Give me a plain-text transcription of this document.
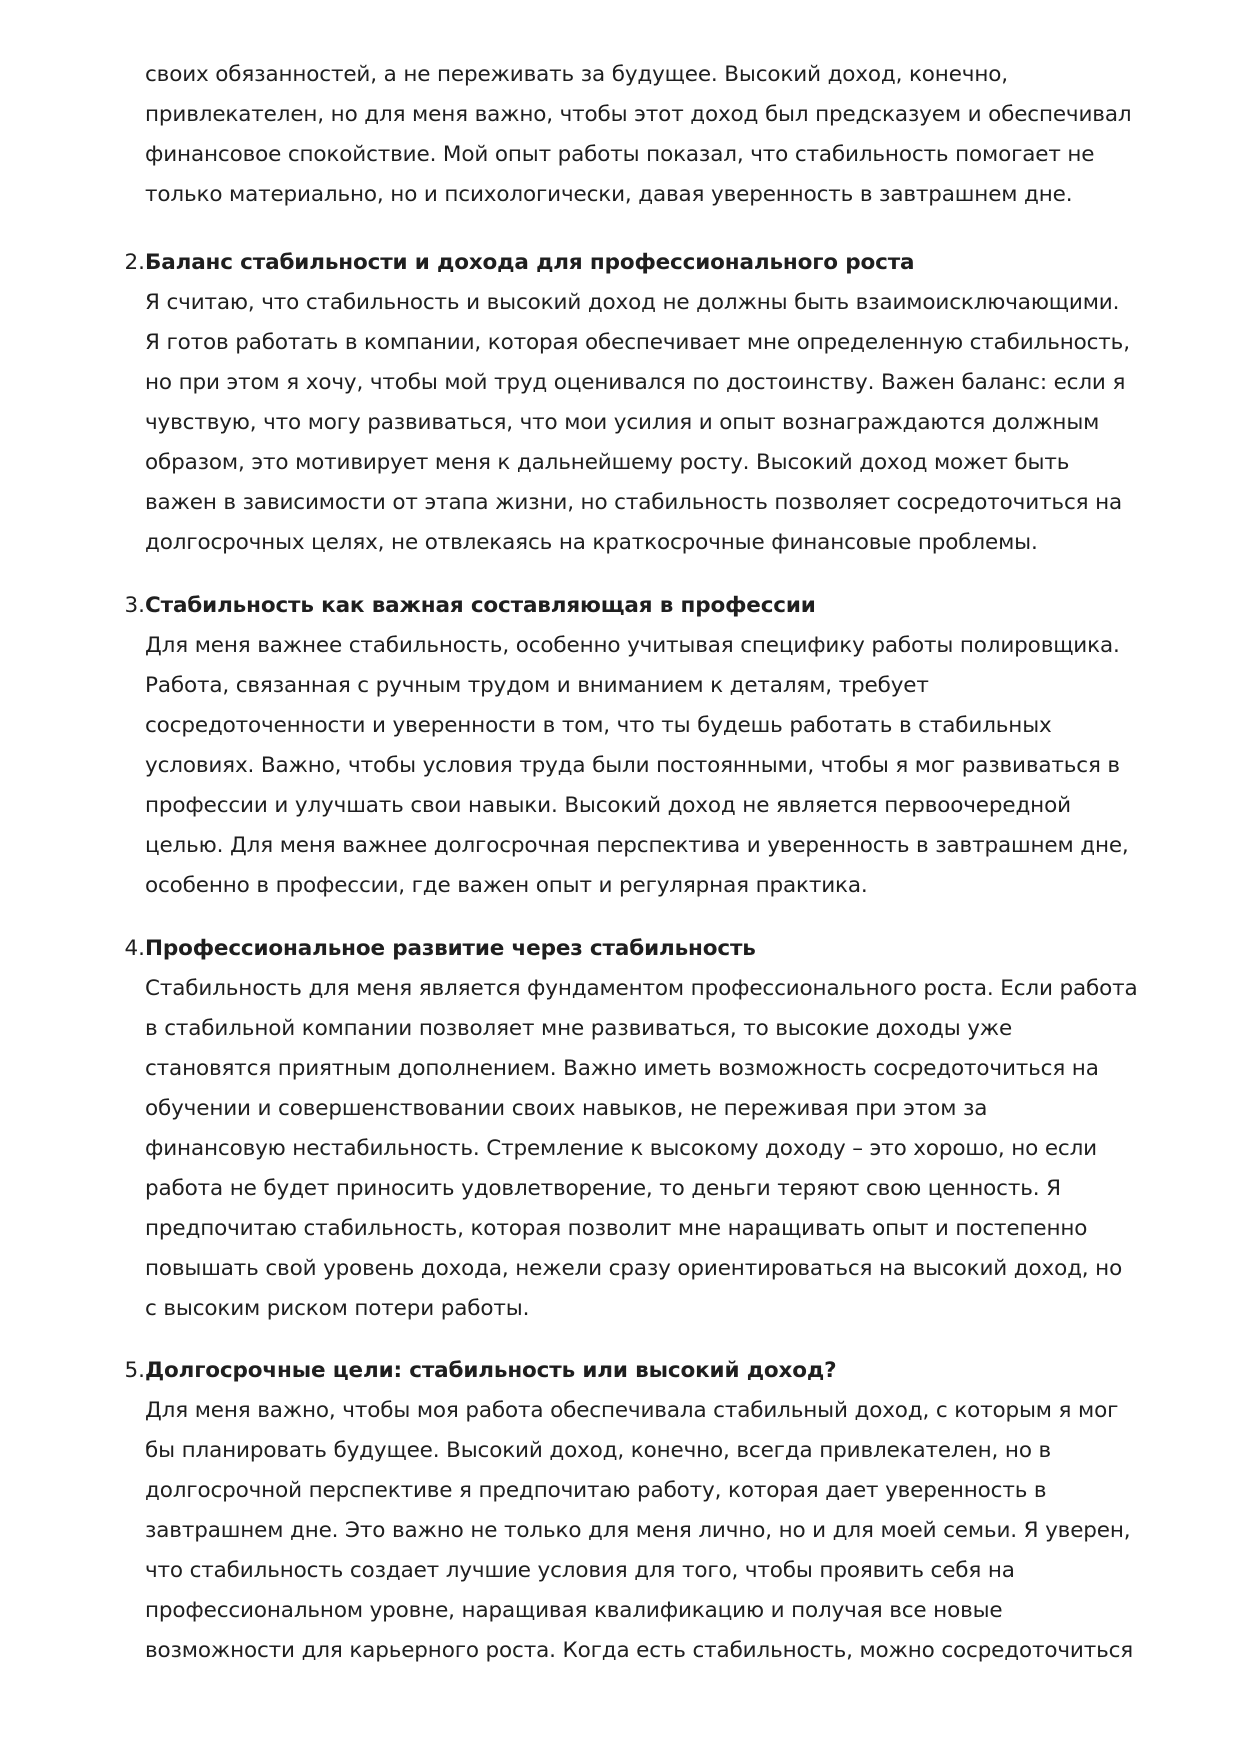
своих обязанностей, а не переживать за будущее. Высокий доход, конечно,
привлекателен, но для меня важно, чтобы этот доход был предсказуем и обеспечивал
финансовое спокойствие. Мой опыт работы показал, что стабильность помогает не
только материально, но и психологически, давая уверенность в завтрашнем дне.
2. Баланс стабильности и дохода для профессионального роста
Я считаю, что стабильность и высокий доход не должны быть взаимоисключающими.
Я готов работать в компании, которая обеспечивает мне определенную стабильность,
но при этом я хочу, чтобы мой труд оценивался по достоинству. Важен баланс: если я
чувствую, что могу развиваться, что мои усилия и опыт вознаграждаются должным
образом, это мотивирует меня к дальнейшему росту. Высокий доход может быть
важен в зависимости от этапа жизни, но стабильность позволяет сосредоточиться на
долгосрочных целях, не отвлекаясь на краткосрочные финансовые проблемы.
3. Стабильность как важная составляющая в профессии
Для меня важнее стабильность, особенно учитывая специфику работы полировщика.
Работа, связанная с ручным трудом и вниманием к деталям, требует
сосредоточенности и уверенности в том, что ты будешь работать в стабильных
условиях. Важно, чтобы условия труда были постоянными, чтобы я мог развиваться в
профессии и улучшать свои навыки. Высокий доход не является первоочередной
целью. Для меня важнее долгосрочная перспектива и уверенность в завтрашнем дне,
особенно в профессии, где важен опыт и регулярная практика.
4. Профессиональное развитие через стабильность
Стабильность для меня является фундаментом профессионального роста. Если работа
в стабильной компании позволяет мне развиваться, то высокие доходы уже
становятся приятным дополнением. Важно иметь возможность сосредоточиться на
обучении и совершенствовании своих навыков, не переживая при этом за
финансовую нестабильность. Стремление к высокому доходу – это хорошо, но если
работа не будет приносить удовлетворение, то деньги теряют свою ценность. Я
предпочитаю стабильность, которая позволит мне наращивать опыт и постепенно
повышать свой уровень дохода, нежели сразу ориентироваться на высокий доход, но
с высоким риском потери работы.
5. Долгосрочные цели: стабильность или высокий доход?
Для меня важно, чтобы моя работа обеспечивала стабильный доход, с которым я мог
бы планировать будущее. Высокий доход, конечно, всегда привлекателен, но в
долгосрочной перспективе я предпочитаю работу, которая дает уверенность в
завтрашнем дне. Это важно не только для меня лично, но и для моей семьи. Я уверен,
что стабильность создает лучшие условия для того, чтобы проявить себя на
профессиональном уровне, наращивая квалификацию и получая все новые
возможности для карьерного роста. Когда есть стабильность, можно сосредоточиться
